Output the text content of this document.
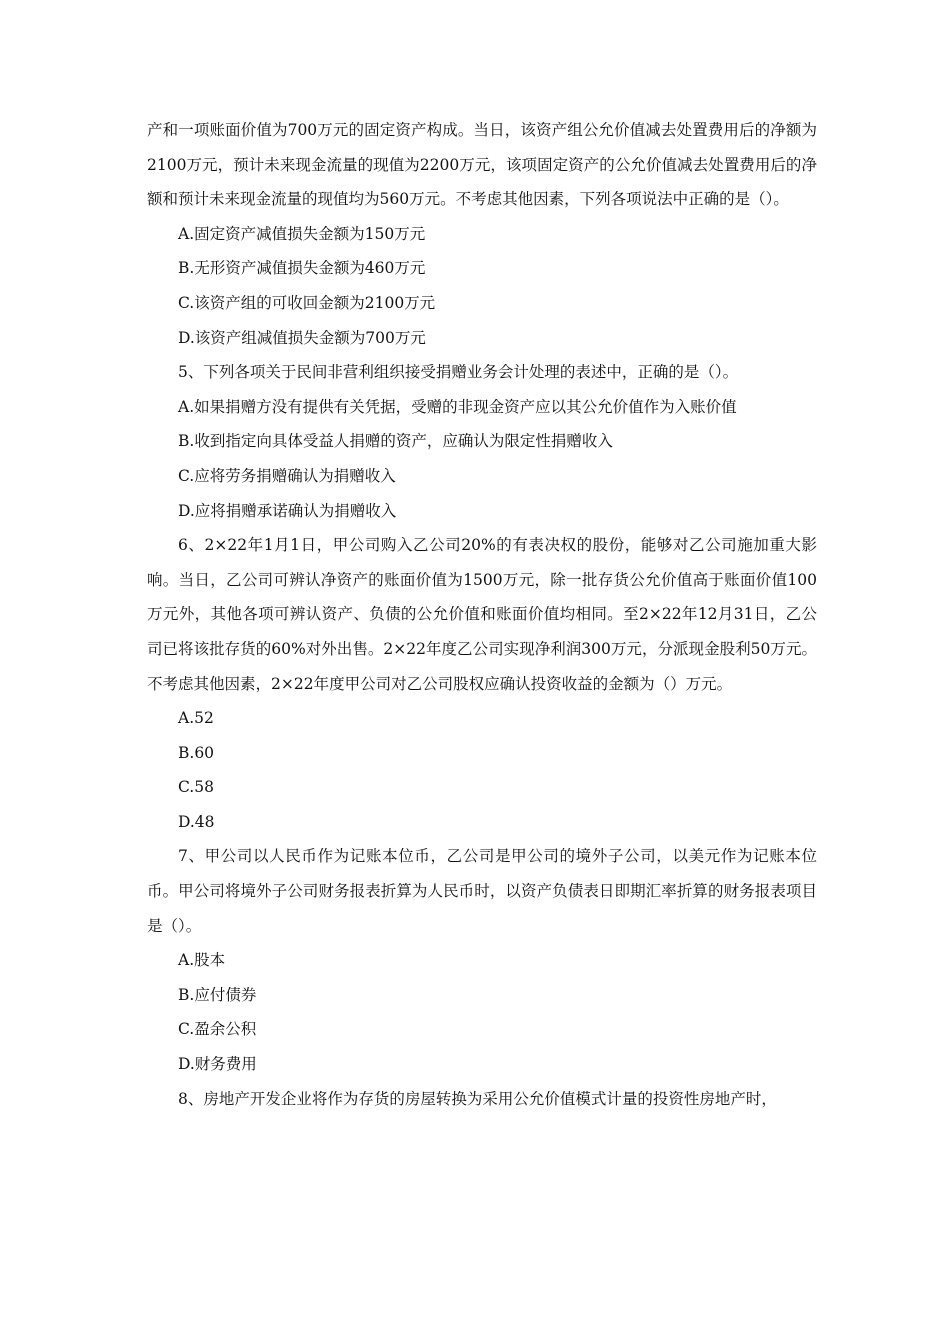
产和一项账面价值为700万元的固定资产构成。当日，该资产组公允价值减去处置费用后的净额为2100万元，预计未来现金流量的现值为2200万元，该项固定资产的公允价值减去处置费用后的净额和预计未来现金流量的现值均为560万元。不考虑其他因素，下列各项说法中正确的是（）。

A.固定资产减值损失金额为150万元

B.无形资产减值损失金额为460万元

C.该资产组的可收回金额为2100万元

D.该资产组减值损失金额为700万元

5、下列各项关于民间非营利组织接受捐赠业务会计处理的表述中，正确的是（）。

A.如果捐赠方没有提供有关凭据，受赠的非现金资产应以其公允价值作为入账价值

B.收到指定向具体受益人捐赠的资产，应确认为限定性捐赠收入

C.应将劳务捐赠确认为捐赠收入

D.应将捐赠承诺确认为捐赠收入

6、2×22年1月1日，甲公司购入乙公司20%的有表决权的股份，能够对乙公司施加重大影响。当日，乙公司可辨认净资产的账面价值为1500万元，除一批存货公允价值高于账面价值100万元外，其他各项可辨认资产、负债的公允价值和账面价值均相同。至2×22年12月31日，乙公司已将该批存货的60%对外出售。2×22年度乙公司实现净利润300万元，分派现金股利50万元。不考虑其他因素，2×22年度甲公司对乙公司股权应确认投资收益的金额为（）万元。

A.52

B.60

C.58

D.48

7、甲公司以人民币作为记账本位币，乙公司是甲公司的境外子公司，以美元作为记账本位币。甲公司将境外子公司财务报表折算为人民币时，以资产负债表日即期汇率折算的财务报表项目是（）。

A.股本

B.应付债券

C.盈余公积

D.财务费用

8、房地产开发企业将作为存货的房屋转换为采用公允价值模式计量的投资性房地产时，
